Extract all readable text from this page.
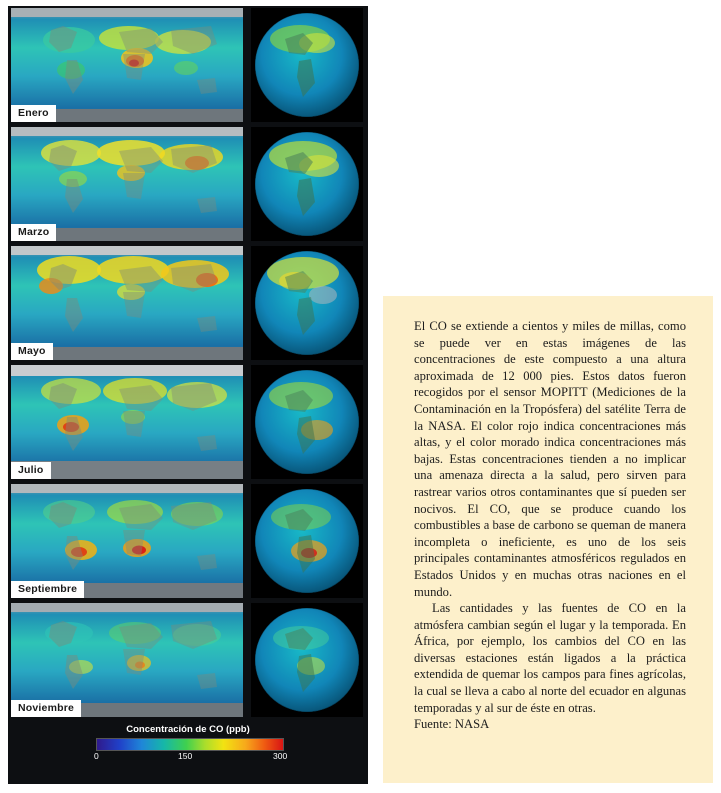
Enero
Marzo
Mayo
Julio
Septiembre
Noviembre
Concentración de CO (ppb)
0	150	300

El CO se extiende a cientos y miles de millas, como se puede ver en estas imágenes de las concentraciones de este compuesto a una altura aproximada de 12 000 pies. Estos datos fueron recogidos por el sensor MOPITT (Mediciones de la Contaminación en la Tropósfera) del satélite Terra de la NASA. El color rojo indica concentraciones más altas, y el color morado indica concentraciones más bajas. Estas concentraciones tienden a no implicar una amenaza directa a la salud, pero sirven para rastrear varios otros contaminantes que sí pueden ser nocivos. El CO, que se produce cuando los combustibles a base de carbono se queman de manera incompleta o ineficiente, es uno de los seis principales contaminantes atmosféricos regulados en Estados Unidos y en muchas otras naciones en el mundo.

Las cantidades y las fuentes de CO en la atmósfera cambian según el lugar y la temporada. En África, por ejemplo, los cambios del CO en las diversas estaciones están ligados a la práctica extendida de quemar los campos para fines agrícolas, la cual se lleva a cabo al norte del ecuador en algunas temporadas y al sur de éste en otras.

Fuente: NASA
